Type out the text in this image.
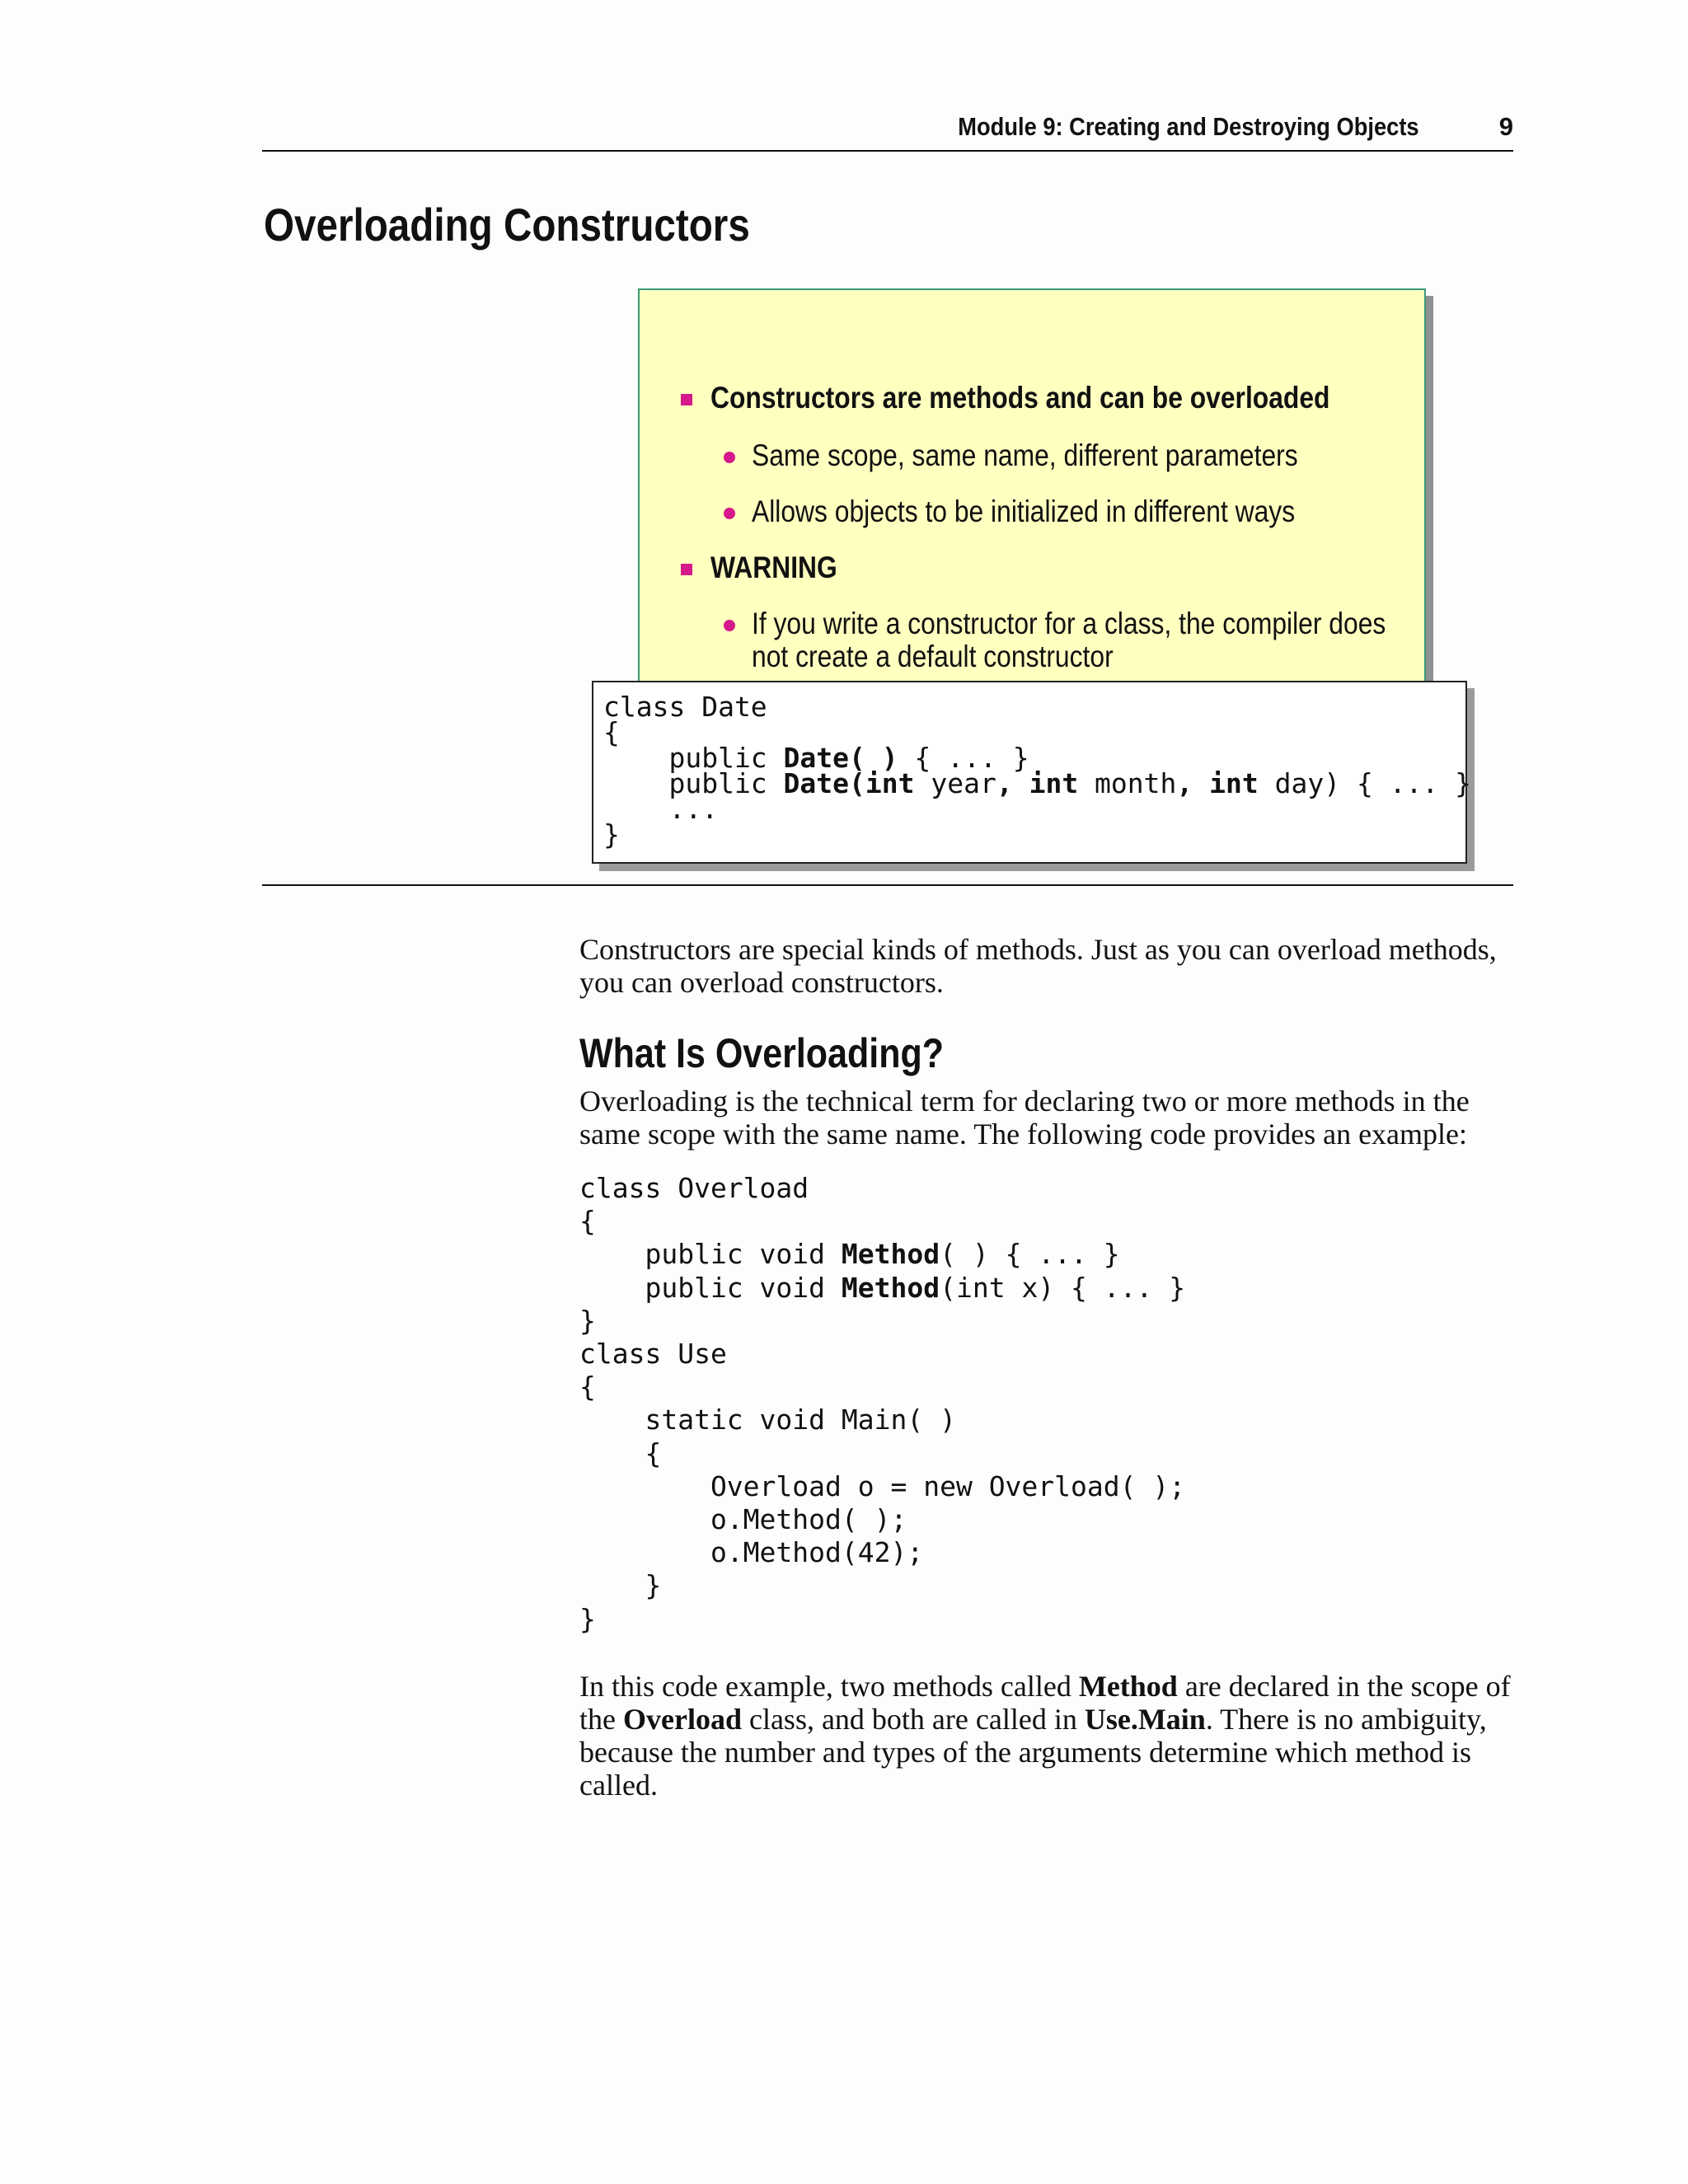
Module 9: Creating and Destroying Objects	9
Overloading Constructors
Constructors are methods and can be overloaded
Same scope, same name, different parameters
Allows objects to be initialized in different ways
WARNING
If you write a constructor for a class, the compiler does
not create a default constructor
class Date
{
public Date( ) { ... }
public Date(int year, int month, int day) { ... }
...
}

Constructors are special kinds of methods. Just as you can overload methods, you can overload constructors.

What Is Overloading?

Overloading is the technical term for declaring two or more methods in the same scope with the same name. The following code provides an example:

class Overload
{
public void Method( ) { ... }
public void Method(int x) { ... }
}
class Use
{
static void Main( )
{
Overload o = new Overload( );
o.Method( );
o.Method(42);
}
}

In this code example, two methods called Method are declared in the scope of the Overload class, and both are called in Use.Main. There is no ambiguity, because the number and types of the arguments determine which method is called.
